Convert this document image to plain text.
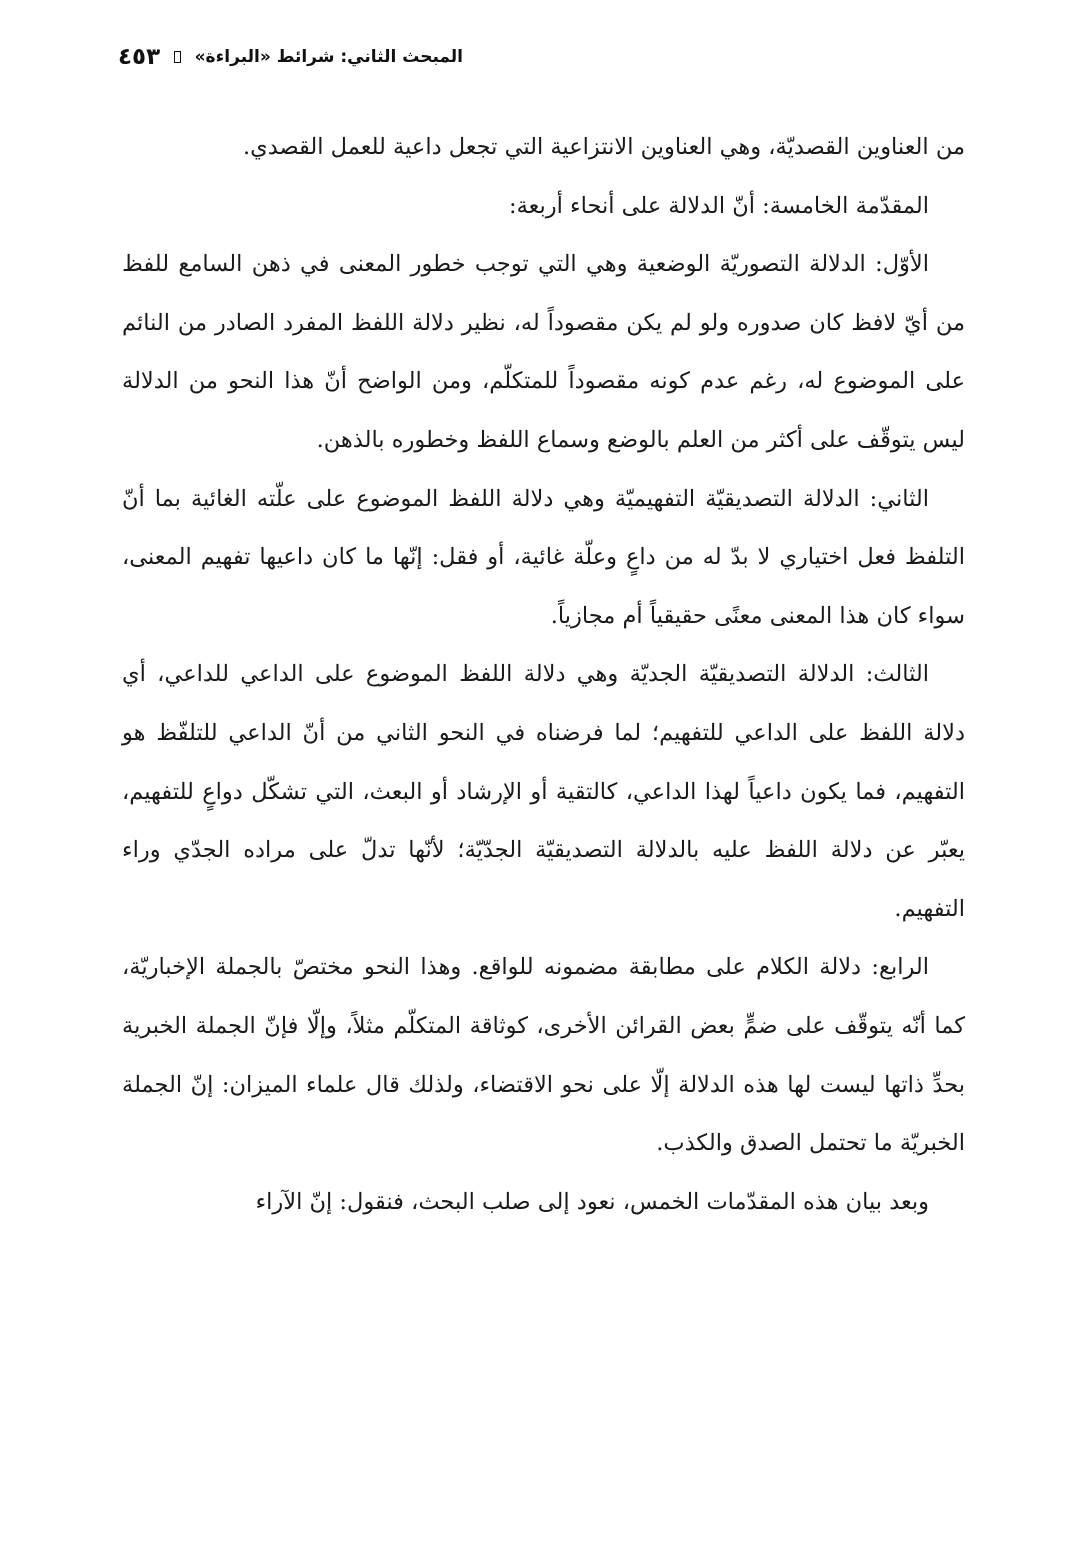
المبحث الثاني: شرائط «البراءة»
٤٥٣

من العناوين القصديّة، وهي العناوين الانتزاعية التي تجعل داعية للعمل القصدي.

المقدّمة الخامسة: أنّ الدلالة على أنحاء أربعة:

الأوّل: الدلالة التصوريّة الوضعية وهي التي توجب خطور المعنى في ذهن السامع للفظ من أيّ لافظ كان صدوره ولو لم يكن مقصوداً له، نظير دلالة اللفظ المفرد الصادر من النائم على الموضوع له، رغم عدم كونه مقصوداً للمتكلّم، ومن الواضح أنّ هذا النحو من الدلالة ليس يتوقّف على أكثر من العلم بالوضع وسماع اللفظ وخطوره بالذهن.

الثاني: الدلالة التصديقيّة التفهيميّة وهي دلالة اللفظ الموضوع على علّته الغائية بما أنّ التلفظ فعل اختياري لا بدّ له من داعٍ وعلّة غائية، أو فقل: إنّها ما كان داعيها تفهيم المعنى، سواء كان هذا المعنى معنًى حقيقياً أم مجازياً.

الثالث: الدلالة التصديقيّة الجديّة وهي دلالة اللفظ الموضوع على الداعي للداعي، أي دلالة اللفظ على الداعي للتفهيم؛ لما فرضناه في النحو الثاني من أنّ الداعي للتلفّظ هو التفهيم، فما يكون داعياً لهذا الداعي، كالتقية أو الإرشاد أو البعث، التي تشكّل دواعٍ للتفهيم، يعبّر عن دلالة اللفظ عليه بالدلالة التصديقيّة الجدّيّة؛ لأنّها تدلّ على مراده الجدّي وراء التفهيم.

الرابع: دلالة الكلام على مطابقة مضمونه للواقع. وهذا النحو مختصّ بالجملة الإخباريّة، كما أنّه يتوقّف على ضمٍّ بعض القرائن الأخرى، كوثاقة المتكلّم مثلاً، وإلّا فإنّ الجملة الخبرية بحدِّ ذاتها ليست لها هذه الدلالة إلّا على نحو الاقتضاء، ولذلك قال علماء الميزان: إنّ الجملة الخبريّة ما تحتمل الصدق والكذب.

وبعد بيان هذه المقدّمات الخمس، نعود إلى صلب البحث، فنقول: إنّ الآراء
